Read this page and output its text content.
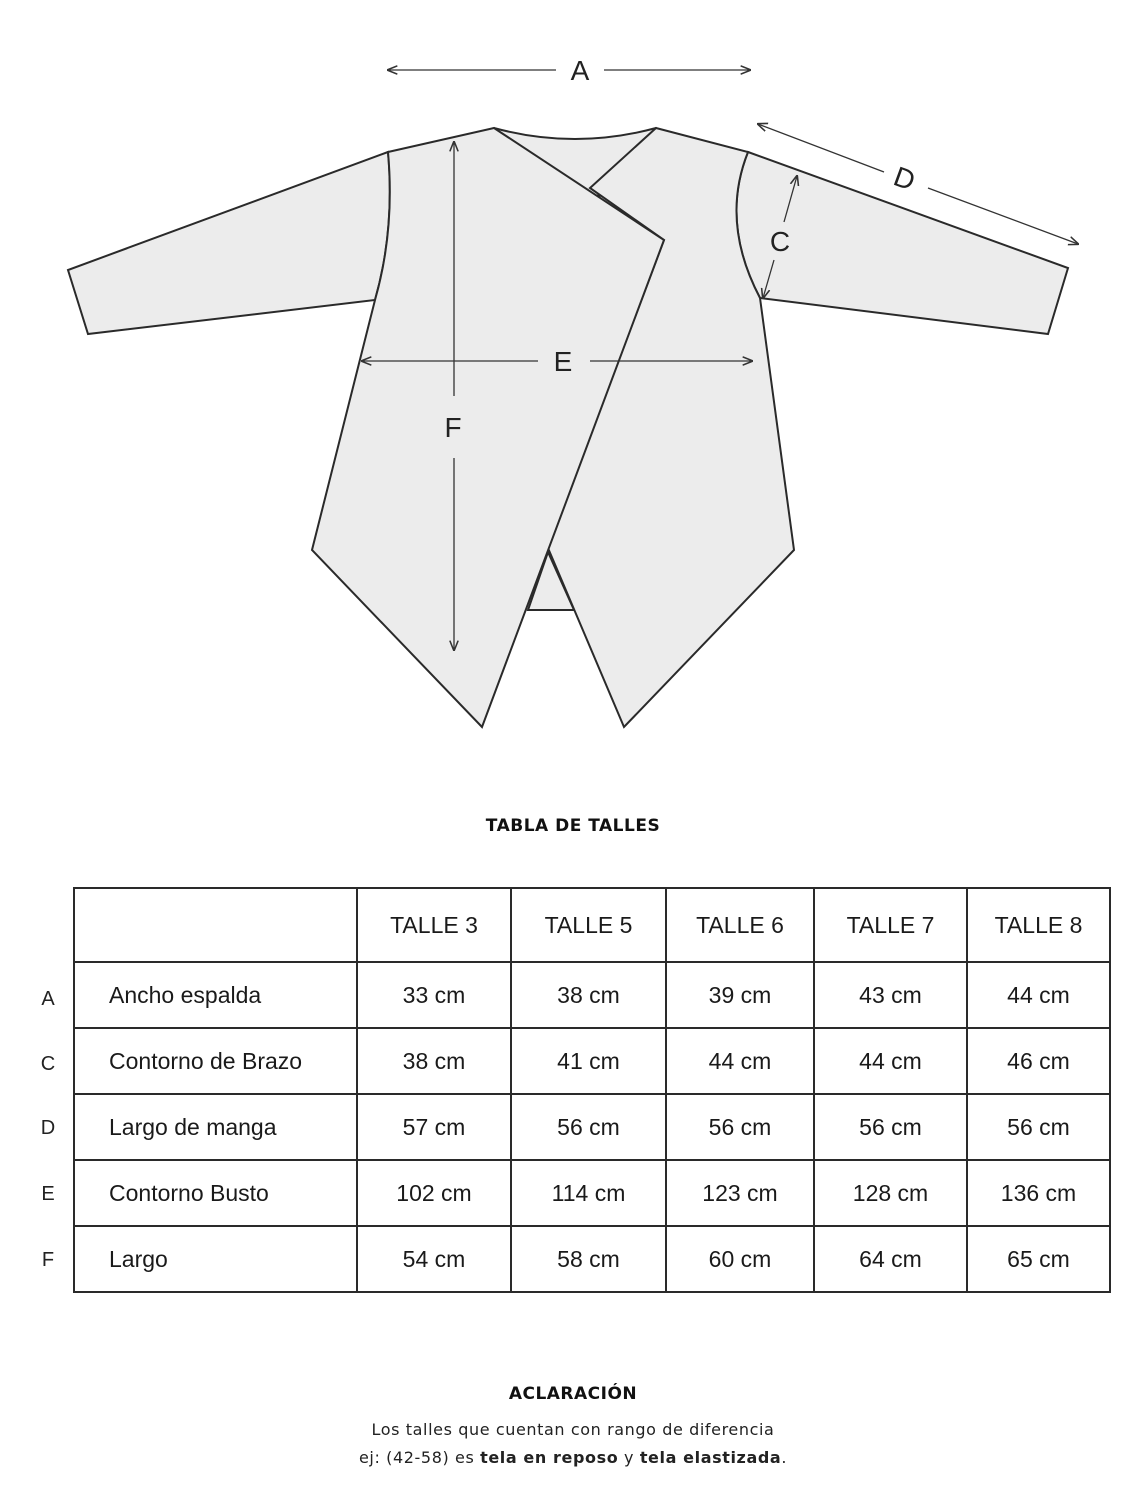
A
D
C
E
F
TABLA DE TALLES
	TALLE 3	TALLE 5	TALLE 6	TALLE 7	TALLE 8
Ancho espalda	33 cm	38 cm	39 cm	43 cm	44 cm
Contorno de Brazo	38 cm	41 cm	44 cm	44 cm	46 cm
Largo de manga	57 cm	56 cm	56 cm	56 cm	56 cm
Contorno Busto	102 cm	114 cm	123 cm	128 cm	136 cm
Largo	54 cm	58 cm	60 cm	64 cm	65 cm
A
C
D
E
F
ACLARACIÓN
Los talles que cuentan con rango de diferencia
ej: (42-58) es tela en reposo y tela elastizada.
